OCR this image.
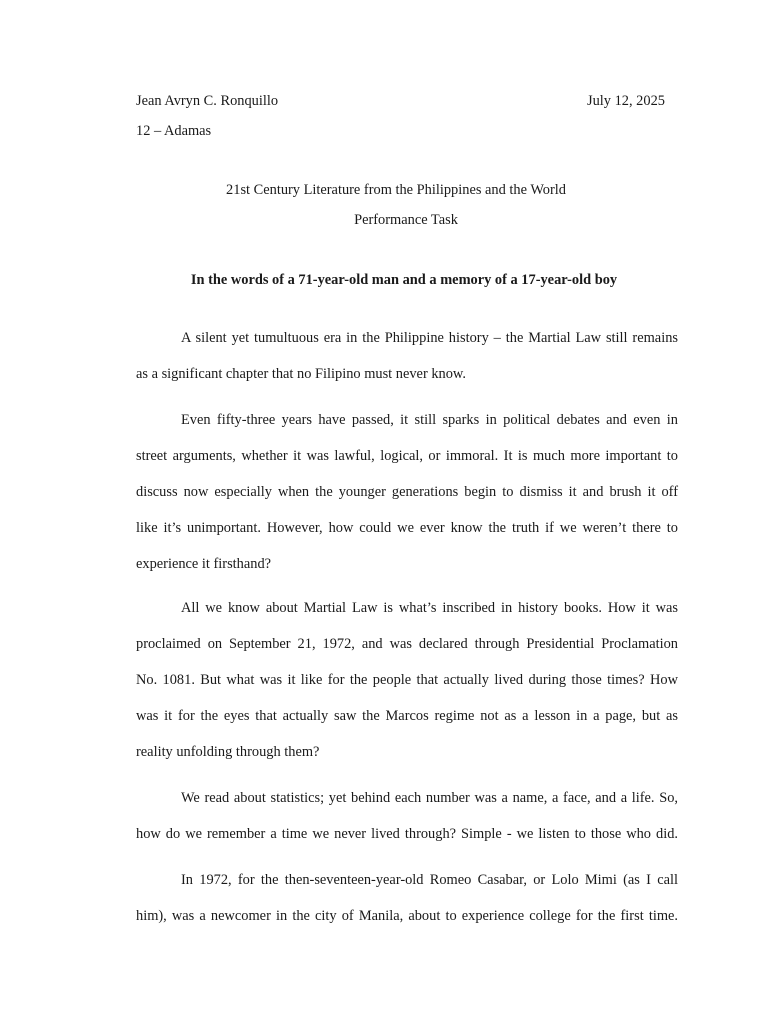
Jean Avryn C. Ronquillo	July 12, 2025
12 – Adamas
21st Century Literature from the Philippines and the World
Performance Task
In the words of a 71-year-old man and a memory of a 17-year-old boy
A silent yet tumultuous era in the Philippine history – the Martial Law still remains
as a significant chapter that no Filipino must never know.
Even fifty-three years have passed, it still sparks in political debates and even in
street arguments, whether it was lawful, logical, or immoral. It is much more important to
discuss now especially when the younger generations begin to dismiss it and brush it off
like it’s unimportant. However, how could we ever know the truth if we weren’t there to
experience it firsthand?
All we know about Martial Law is what’s inscribed in history books. How it was
proclaimed on September 21, 1972, and was declared through Presidential Proclamation
No. 1081. But what was it like for the people that actually lived during those times? How
was it for the eyes that actually saw the Marcos regime not as a lesson in a page, but as
reality unfolding through them?
We read about statistics; yet behind each number was a name, a face, and a life. So,
how do we remember a time we never lived through? Simple - we listen to those who did.
In 1972, for the then-seventeen-year-old Romeo Casabar, or Lolo Mimi (as I call
him), was a newcomer in the city of Manila, about to experience college for the first time.
